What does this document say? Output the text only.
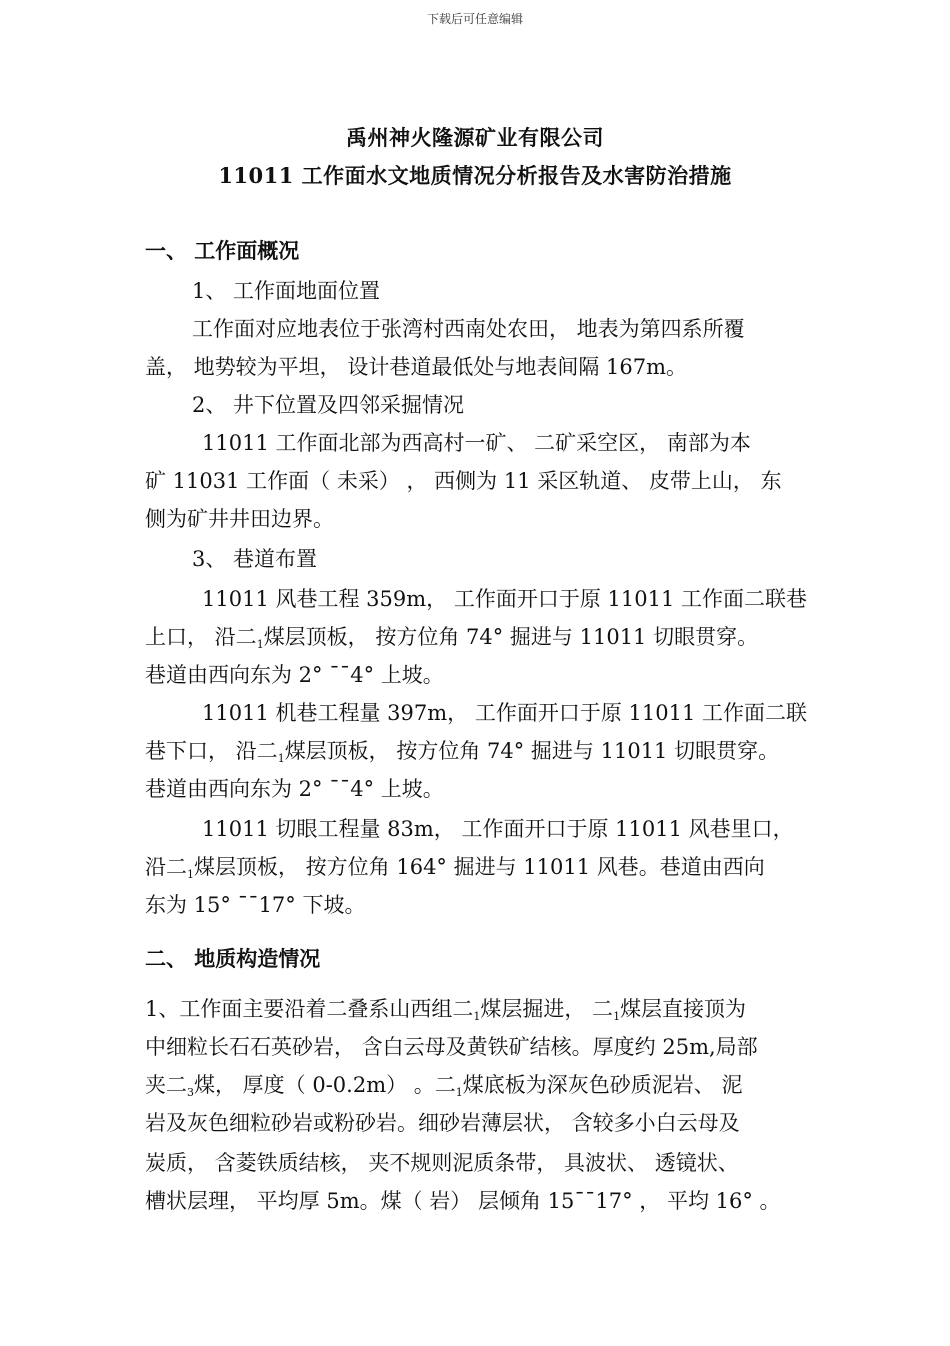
下载后可任意编辑
禹州神火隆源矿业有限公司
11011 工作面水文地质情况分析报告及水害防治措施
一、 工作面概况
1、 工作面地面位置
工作面对应地表位于张湾村西南处农田， 地表为第四系所覆
盖， 地势较为平坦， 设计巷道最低处与地表间隔 167m。
2、 井下位置及四邻采掘情况
11011 工作面北部为西高村一矿、 二矿采空区， 南部为本
矿 11031 工作面（ 未采） ， 西侧为 11 采区轨道、 皮带上山， 东
侧为矿井井田边界。
3、 巷道布置
11011 风巷工程 359m， 工作面开口于原 11011 工作面二联巷
上口， 沿二1煤层顶板， 按方位角 74° 掘进与 11011 切眼贯穿。
巷道由西向东为 2° ¯¯4° 上坡。
11011 机巷工程量 397m， 工作面开口于原 11011 工作面二联
巷下口， 沿二1煤层顶板， 按方位角 74° 掘进与 11011 切眼贯穿。
巷道由西向东为 2° ¯¯4° 上坡。
11011 切眼工程量 83m， 工作面开口于原 11011 风巷里口，
沿二1煤层顶板， 按方位角 164° 掘进与 11011 风巷。巷道由西向
东为 15° ¯¯17° 下坡。
二、 地质构造情况
1、工作面主要沿着二叠系山西组二1煤层掘进， 二1煤层直接顶为
中细粒长石石英砂岩， 含白云母及黄铁矿结核。厚度约 25m,局部
夹二3煤， 厚度（ 0-0.2m） 。二1煤底板为深灰色砂质泥岩、 泥
岩及灰色细粒砂岩或粉砂岩。细砂岩薄层状， 含较多小白云母及
炭质， 含菱铁质结核， 夹不规则泥质条带， 具波状、 透镜状、
槽状层理， 平均厚 5m。煤（ 岩） 层倾角 15¯¯17° ， 平均 16° 。
